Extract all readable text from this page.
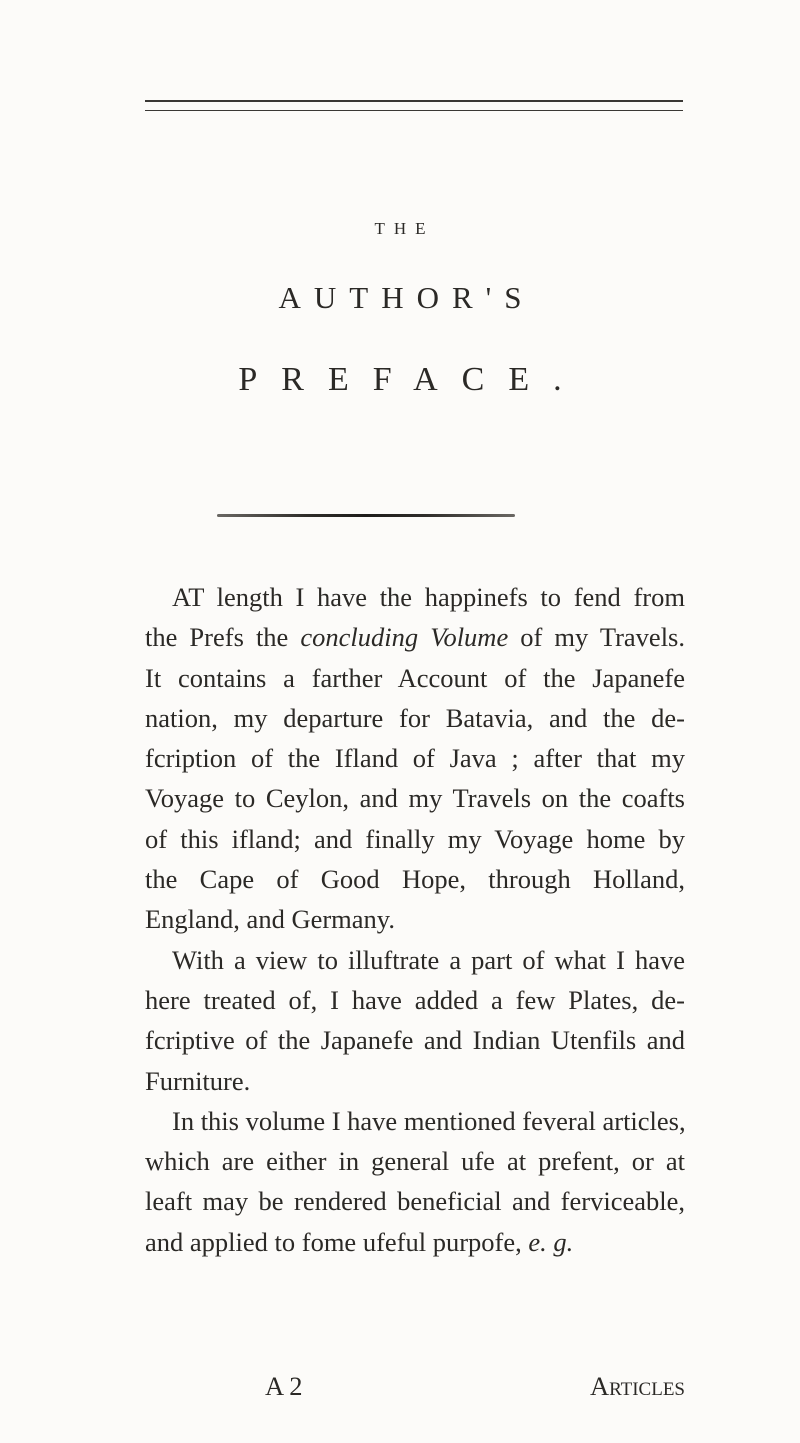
THE
AUTHOR'S
PREFACE.
AT length I have the happinefs to fend from
the Prefs the concluding Volume of my Travels.
It contains a farther Account of the Japanefe
nation, my departure for Batavia, and the de-
fcription of the Ifland of Java ; after that my
Voyage to Ceylon, and my Travels on the coafts
of this ifland; and finally my Voyage home by
the Cape of Good Hope, through Holland,
England, and Germany.
With a view to illuftrate a part of what I have
here treated of, I have added a few Plates, de-
fcriptive of the Japanefe and Indian Utenfils and
Furniture.
In this volume I have mentioned feveral articles,
which are either in general ufe at prefent, or at
leaft may be rendered beneficial and ferviceable,
and applied to fome ufeful purpofe, e. g.
A 2	Articles
